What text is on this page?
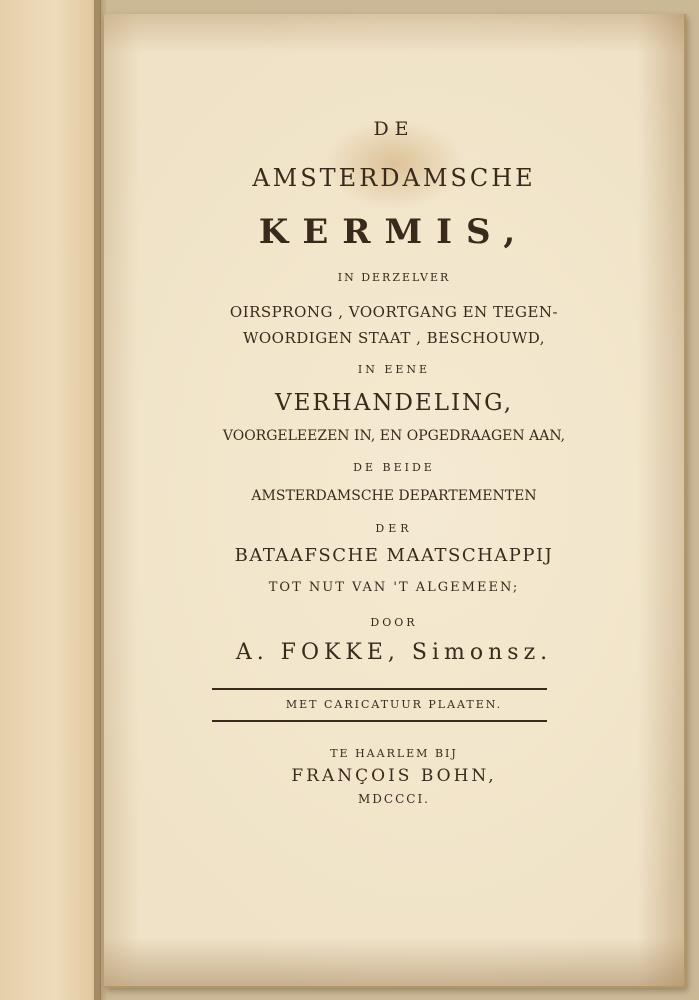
DE
AMSTERDAMSCHE
KERMIS,
IN DERZELVER
OIRSPRONG , VOORTGANG EN TEGEN-
WOORDIGEN STAAT , BESCHOUWD,
IN EENE
VERHANDELING,
VOORGELEEZEN IN, EN OPGEDRAAGEN AAN,
DE BEIDE
AMSTERDAMSCHE DEPARTEMENTEN
DER
BATAAFSCHE MAATSCHAPPIJ
TOT NUT VAN 'T ALGEMEEN;
DOOR
A. FOKKE, Simonsz.
MET CARICATUUR PLAATEN.
TE HAARLEM BIJ
FRANÇOIS BOHN,
MDCCCI.
